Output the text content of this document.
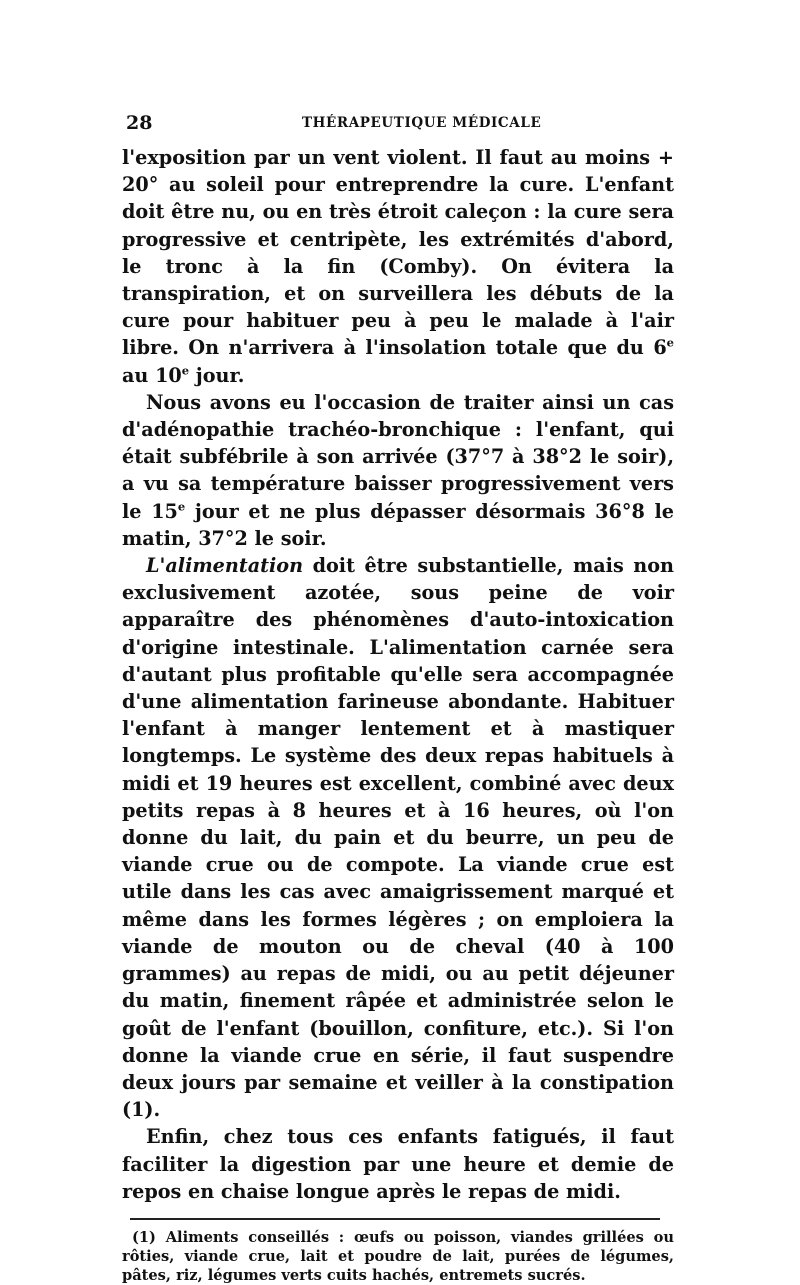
28	THÉRAPEUTIQUE MÉDICALE

l'exposition par un vent violent. Il faut au moins + 20° au soleil pour entreprendre la cure. L'enfant doit être nu, ou en très étroit caleçon : la cure sera progressive et centripète, les extrémités d'abord, le tronc à la fin (Comby). On évitera la transpiration, et on surveillera les débuts de la cure pour habituer peu à peu le malade à l'air libre. On n'arrivera à l'insolation totale que du 6e au 10e jour.

Nous avons eu l'occasion de traiter ainsi un cas d'adénopathie trachéo-bronchique : l'enfant, qui était subfébrile à son arrivée (37°7 à 38°2 le soir), a vu sa température baisser progressivement vers le 15e jour et ne plus dépasser désormais 36°8 le matin, 37°2 le soir.

L'alimentation doit être substantielle, mais non exclusivement azotée, sous peine de voir apparaître des phénomènes d'auto-intoxication d'origine intestinale. L'alimentation carnée sera d'autant plus profitable qu'elle sera accompagnée d'une alimentation farineuse abondante. Habituer l'enfant à manger lentement et à mastiquer longtemps. Le système des deux repas habituels à midi et 19 heures est excellent, combiné avec deux petits repas à 8 heures et à 16 heures, où l'on donne du lait, du pain et du beurre, un peu de viande crue ou de compote. La viande crue est utile dans les cas avec amaigrissement marqué et même dans les formes légères ; on emploiera la viande de mouton ou de cheval (40 à 100 grammes) au repas de midi, ou au petit déjeuner du matin, finement râpée et administrée selon le goût de l'enfant (bouillon, confiture, etc.). Si l'on donne la viande crue en série, il faut suspendre deux jours par semaine et veiller à la constipation (1).

Enfin, chez tous ces enfants fatigués, il faut faciliter la digestion par une heure et demie de repos en chaise longue après le repas de midi.

(1) Aliments conseillés : œufs ou poisson, viandes grillées ou rôties, viande crue, lait et poudre de lait, purées de légumes, pâtes, riz, légumes verts cuits hachés, entremets sucrés.
